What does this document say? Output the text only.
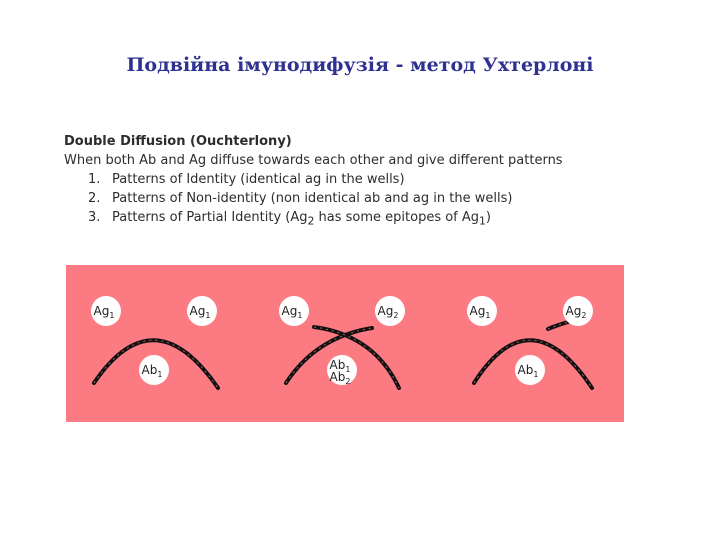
Подвійна імунодифузія - метод Ухтерлоні
Double Diffusion (Ouchterlony)

When both Ab and Ag diffuse towards each other and give different patterns

1. Patterns of Identity (identical ag in the wells)
2. Patterns of Non-identity (non identical ab and ag in the wells)
3. Patterns of Partial Identity ($Ag_2$ has some epitopes of $Ag_1$)
$Ag_1$	$Ag_1$
$Ab_1$
$Ag_1$	$Ag_2$
$Ab_1$
$Ab_2$
$Ag_1$	$Ag_2$
$Ab_1$
